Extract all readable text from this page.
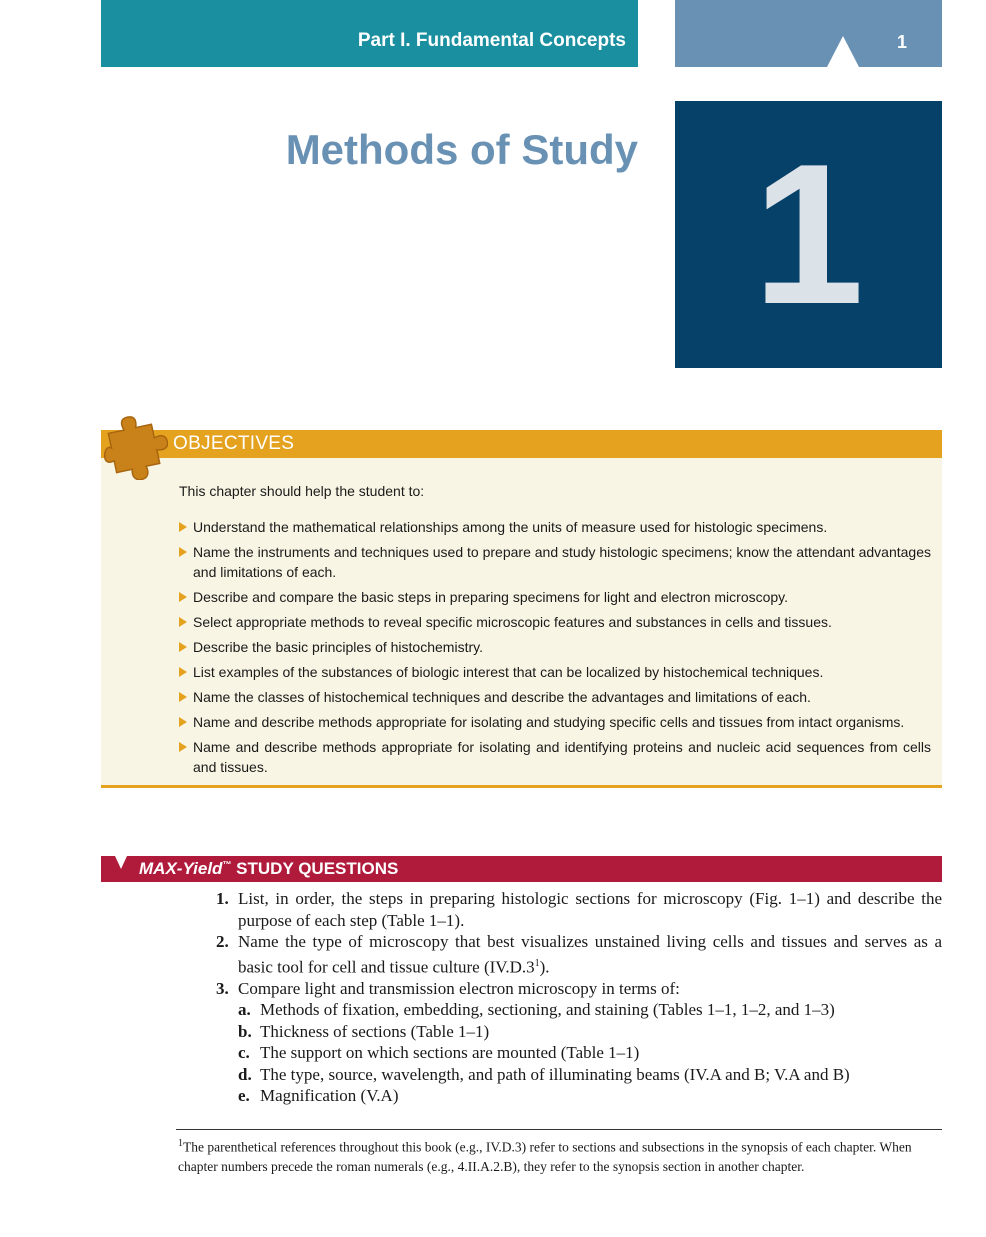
Part I. Fundamental Concepts	1
Methods of Study 1
OBJECTIVES
This chapter should help the student to:
Understand the mathematical relationships among the units of measure used for histologic specimens.
Name the instruments and techniques used to prepare and study histologic specimens; know the attendant advantages and limitations of each.
Describe and compare the basic steps in preparing specimens for light and electron microscopy.
Select appropriate methods to reveal specific microscopic features and substances in cells and tissues.
Describe the basic principles of histochemistry.
List examples of the substances of biologic interest that can be localized by histochemical techniques.
Name the classes of histochemical techniques and describe the advantages and limitations of each.
Name and describe methods appropriate for isolating and studying specific cells and tissues from intact organisms.
Name and describe methods appropriate for isolating and identifying proteins and nucleic acid sequences from cells and tissues.
MAX-Yield™ STUDY QUESTIONS
1. List, in order, the steps in preparing histologic sections for microscopy (Fig. 1–1) and describe the purpose of each step (Table 1–1).
2. Name the type of microscopy that best visualizes unstained living cells and tissues and serves as a basic tool for cell and tissue culture $(IV.D.3^1)$.
3. Compare light and transmission electron microscopy in terms of:
a. Methods of fixation, embedding, sectioning, and staining (Tables 1–1, 1–2, and 1–3)
b. Thickness of sections (Table 1–1)
c. The support on which sections are mounted (Table 1–1)
d. The type, source, wavelength, and path of illuminating beams (IV.A and B; V.A and B)
e. Magnification (V.A)
$^1$The parenthetical references throughout this book (e.g., IV.D.3) refer to sections and subsections in the synopsis of each chapter. When chapter numbers precede the roman numerals (e.g., 4.II.A.2.B), they refer to the synopsis section in another chapter.
